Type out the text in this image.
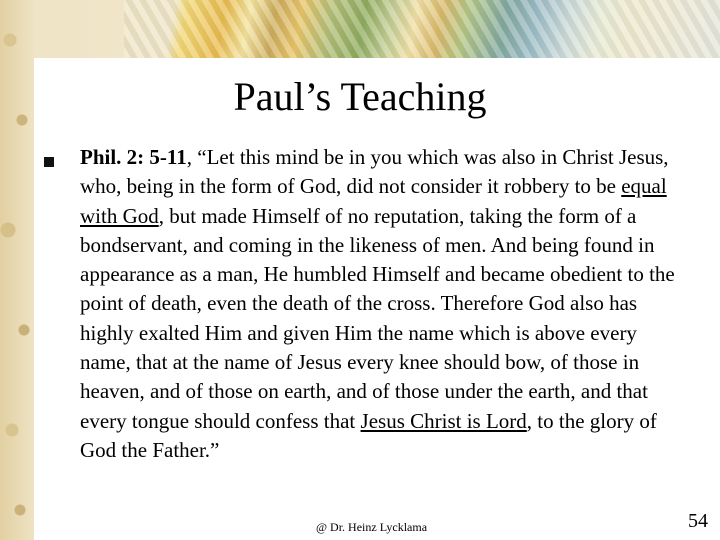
Paul’s Teaching
Phil. 2: 5-11, “Let this mind be in you which was also in Christ Jesus, who, being in the form of God, did not consider it robbery to be equal with God, but made Himself of no reputation, taking the form of a bondservant, and coming in the likeness of men. And being found in appearance as a man, He humbled Himself and became obedient to the point of death, even the death of the cross. Therefore God also has highly exalted Him and given Him the name which is above every name, that at the name of Jesus every knee should bow, of those in heaven, and of those on earth, and of those under the earth, and that every tongue should confess that Jesus Christ is Lord, to the glory of God the Father.”
@ Dr. Heinz Lycklama	54
